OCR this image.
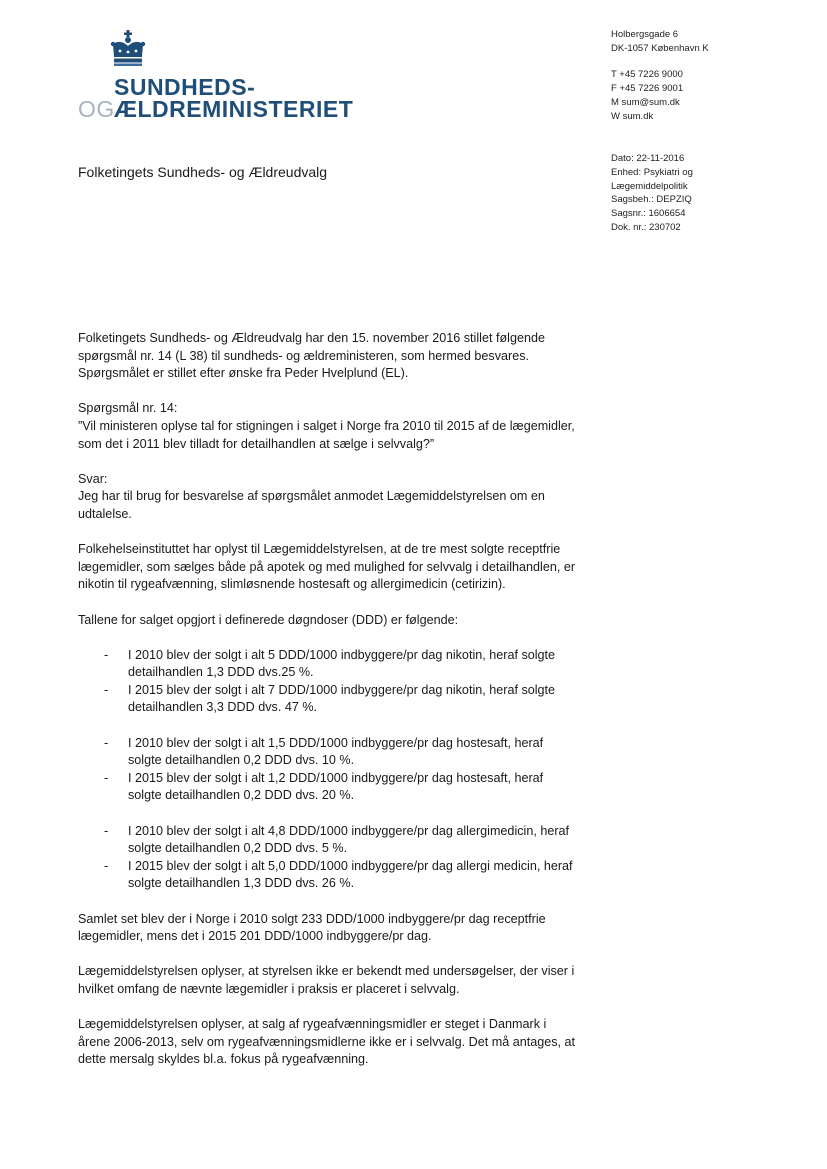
SUNDHEDS-
OG ÆLDREMINISTERIET
Holbergsgade 6
DK-1057 København K
T +45 7226 9000
F +45 7226 9001
M sum@sum.dk
W sum.dk
Dato: 22-11-2016
Enhed: Psykiatri og
Lægemiddelpolitik
Sagsbeh.: DEPZIQ
Sagsnr.: 1606654
Dok. nr.: 230702
Folketingets Sundheds- og Ældreudvalg

Folketingets Sundheds- og Ældreudvalg har den 15. november 2016 stillet følgende spørgsmål nr. 14 (L 38) til sundheds- og ældreministeren, som hermed besvares. Spørgsmålet er stillet efter ønske fra Peder Hvelplund (EL).

Spørgsmål nr. 14:
”Vil ministeren oplyse tal for stigningen i salget i Norge fra 2010 til 2015 af de lægemidler, som det i 2011 blev tilladt for detailhandlen at sælge i selvvalg?”

Svar:
Jeg har til brug for besvarelse af spørgsmålet anmodet Lægemiddelstyrelsen om en udtalelse.

Folkehelseinstituttet har oplyst til Lægemiddelstyrelsen, at de tre mest solgte receptfrie lægemidler, som sælges både på apotek og med mulighed for selvvalg i detailhandlen, er nikotin til rygeafvænning, slimløsnende hostesaft og allergimedicin (cetirizin).

Tallene for salget opgjort i definerede døgndoser (DDD) er følgende:

- I 2010 blev der solgt i alt 5 DDD/1000 indbyggere/pr dag nikotin, heraf solgte detailhandlen 1,3 DDD dvs.25 %.
- I 2015 blev der solgt i alt 7 DDD/1000 indbyggere/pr dag nikotin, heraf solgte detailhandlen 3,3 DDD dvs. 47 %.
- I 2010 blev der solgt i alt 1,5 DDD/1000 indbyggere/pr dag hostesaft, heraf solgte detailhandlen 0,2 DDD dvs. 10 %.
- I 2015 blev der solgt i alt 1,2 DDD/1000 indbyggere/pr dag hostesaft, heraf solgte detailhandlen 0,2 DDD dvs. 20 %.
- I 2010 blev der solgt i alt 4,8 DDD/1000 indbyggere/pr dag allergimedicin, heraf solgte detailhandlen 0,2 DDD dvs. 5 %.
- I 2015 blev der solgt i alt 5,0 DDD/1000 indbyggere/pr dag allergi medicin, heraf solgte detailhandlen 1,3 DDD dvs. 26 %.

Samlet set blev der i Norge i 2010 solgt 233 DDD/1000 indbyggere/pr dag receptfrie lægemidler, mens det i 2015 201 DDD/1000 indbyggere/pr dag.

Lægemiddelstyrelsen oplyser, at styrelsen ikke er bekendt med undersøgelser, der viser i hvilket omfang de nævnte lægemidler i praksis er placeret i selvvalg.

Lægemiddelstyrelsen oplyser, at salg af rygeafvænningsmidler er steget i Danmark i årene 2006-2013, selv om rygeafvænningsmidlerne ikke er i selvvalg. Det må antages, at dette mersalg skyldes bl.a. fokus på rygeafvænning.
